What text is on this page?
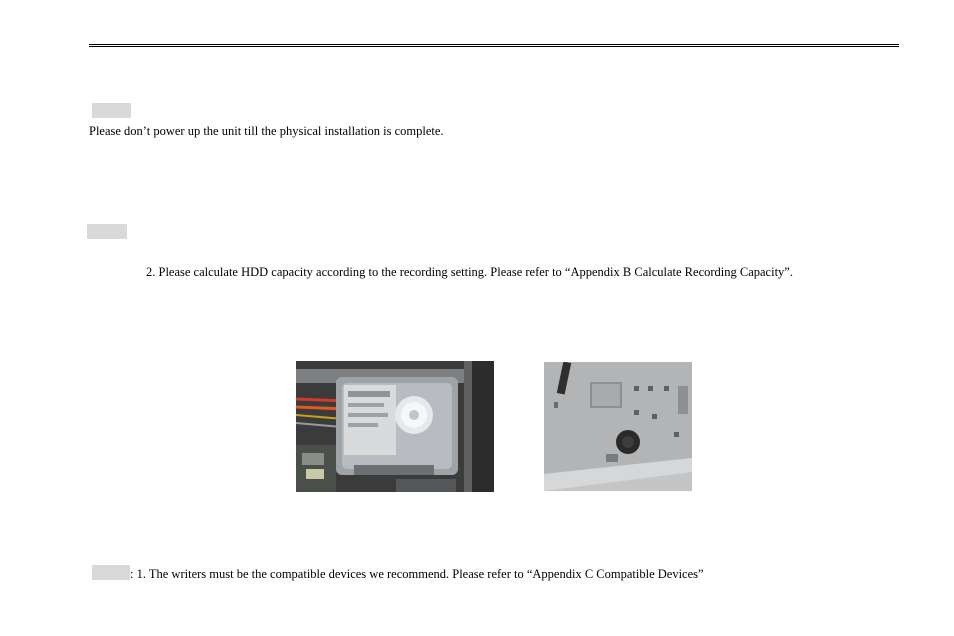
Please don’t power up the unit till the physical installation is complete.
2. Please calculate HDD capacity according to the recording setting. Please refer to “Appendix B Calculate Recording Capacity”.
: 1. The writers must be the compatible devices we recommend. Please refer to “Appendix C Compatible Devices”
